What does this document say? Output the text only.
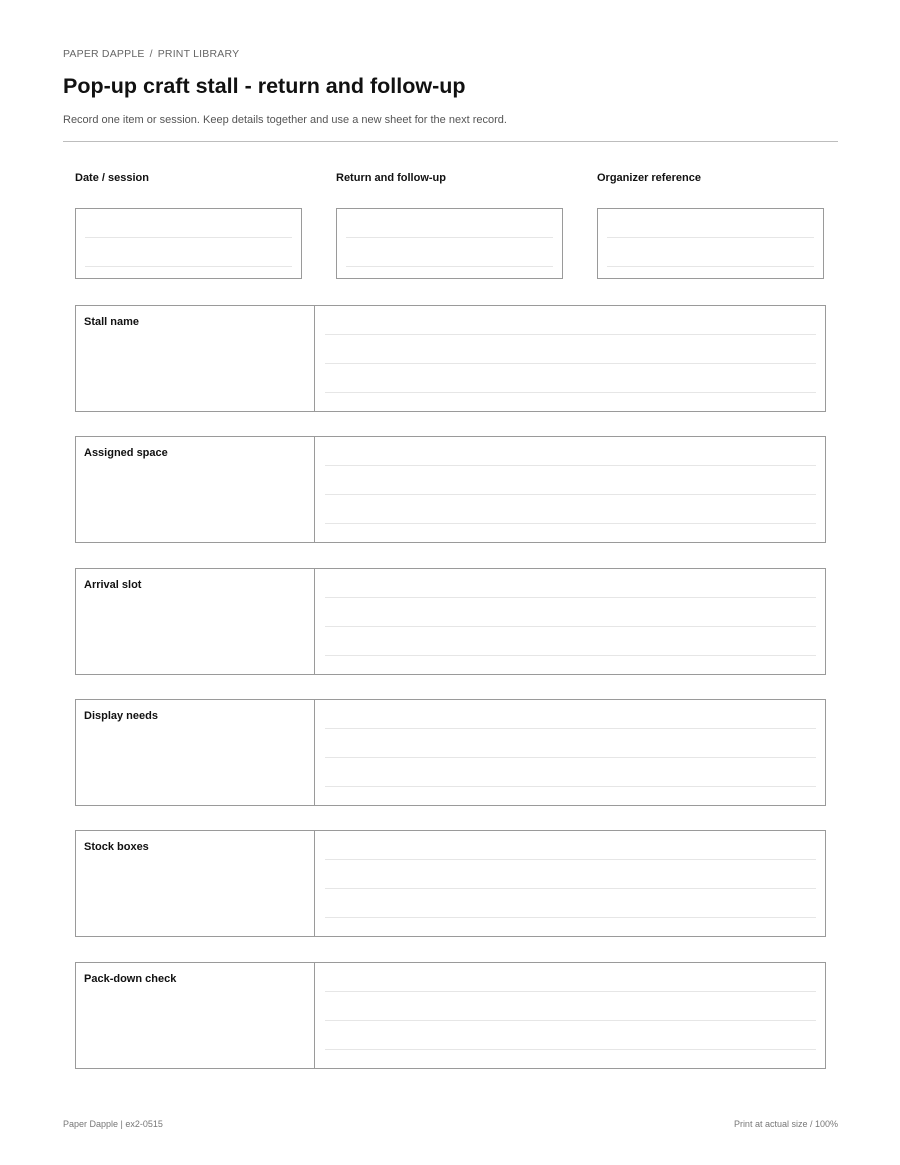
PAPER DAPPLE / PRINT LIBRARY
Pop-up craft stall - return and follow-up
Record one item or session. Keep details together and use a new sheet for the next record.
Date / session	Return and follow-up	Organizer reference
Stall name
Assigned space
Arrival slot
Display needs
Stock boxes
Pack-down check
Paper Dapple | ex2-0515	Print at actual size / 100%
